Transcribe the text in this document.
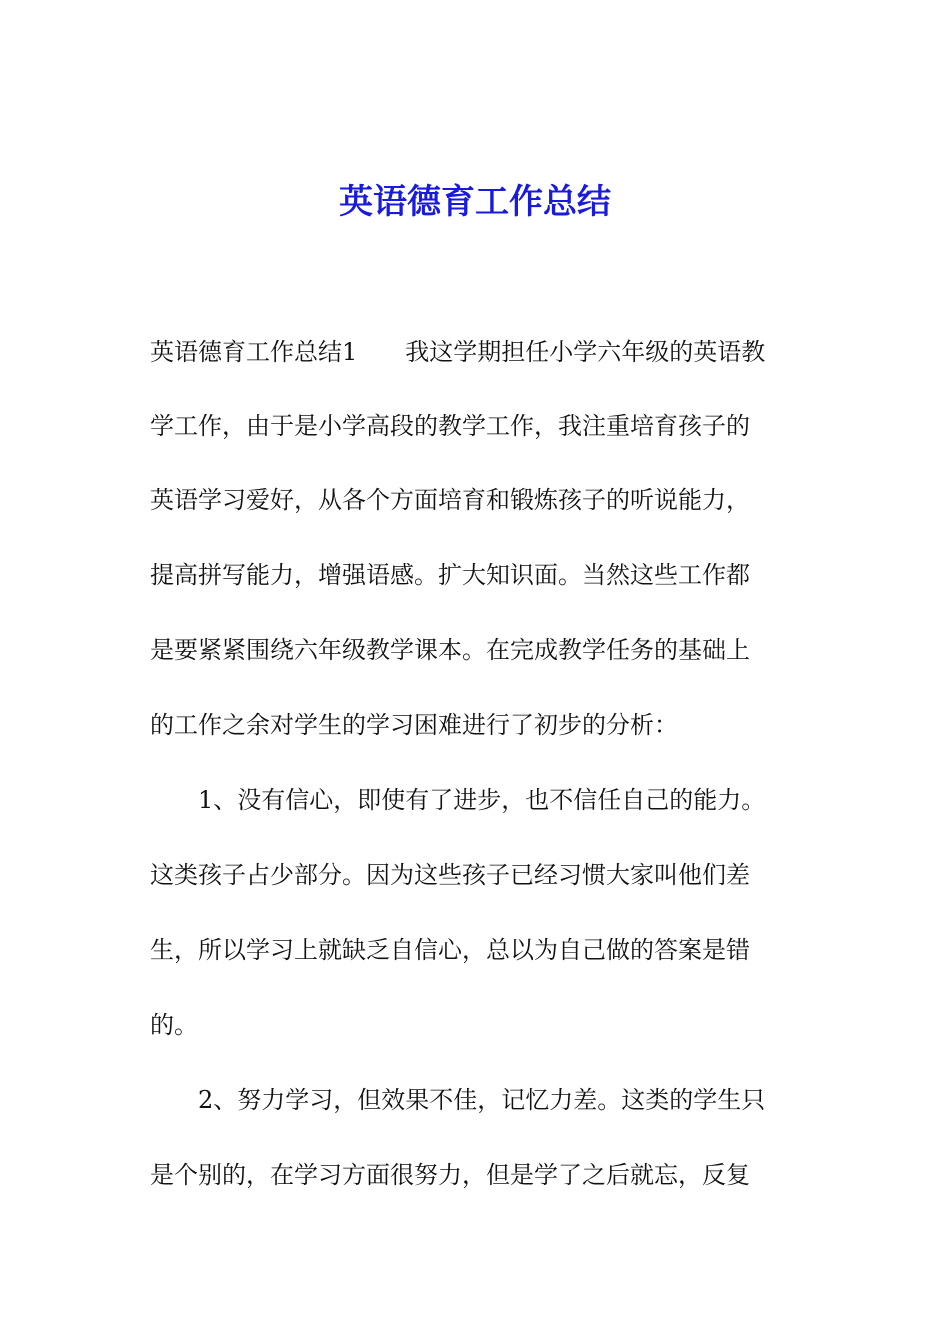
英语德育工作总结
英语德育工作总结1　　我这学期担任小学六年级的英语教
学工作，由于是小学高段的教学工作，我注重培育孩子的
英语学习爱好，从各个方面培育和锻炼孩子的听说能力，
提高拼写能力，增强语感。扩大知识面。当然这些工作都
是要紧紧围绕六年级教学课本。在完成教学任务的基础上
的工作之余对学生的学习困难进行了初步的分析：
　　1、没有信心，即使有了进步，也不信任自己的能力。
这类孩子占少部分。因为这些孩子已经习惯大家叫他们差
生，所以学习上就缺乏自信心，总以为自己做的答案是错
的。
　　2、努力学习，但效果不佳，记忆力差。这类的学生只
是个别的，在学习方面很努力，但是学了之后就忘，反复
